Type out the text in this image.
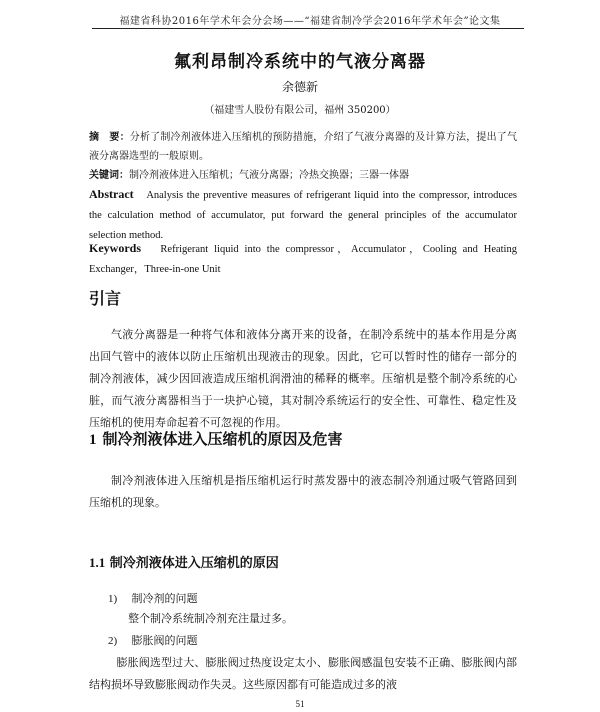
福建省科协2016年学术年会分会场——“福建省制冷学会2016年学术年会”论文集
氟利昂制冷系统中的气液分离器
余德新
（福建雪人股份有限公司，福州 350200）
摘　要：分析了制冷剂液体进入压缩机的预防措施，介绍了气液分离器的及计算方法，提出了气液分离器选型的一般原则。
关键词：制冷剂液体进入压缩机；气液分离器；冷热交换器；三器一体器
Abstract Analysis the preventive measures of refrigerant liquid into the compressor, introduces the calculation method of accumulator, put forward the general principles of the accumulator selection method.
Keywords Refrigerant liquid into the compressor，Accumulator，Cooling and Heating Exchanger，Three-in-one Unit
引言
气液分离器是一种将气体和液体分离开来的设备，在制冷系统中的基本作用是分离出回气管中的液体以防止压缩机出现液击的现象。因此，它可以暂时性的储存一部分的制冷剂液体，减少因回液造成压缩机润滑油的稀释的概率。压缩机是整个制冷系统的心脏，而气液分离器相当于一块护心镜，其对制冷系统运行的安全性、可靠性、稳定性及压缩机的使用寿命起着不可忽视的作用。
1 制冷剂液体进入压缩机的原因及危害
制冷剂液体进入压缩机是指压缩机运行时蒸发器中的液态制冷剂通过吸气管路回到压缩机的现象。
1.1 制冷剂液体进入压缩机的原因
1) 制冷剂的问题
整个制冷系统制冷剂充注量过多。
2) 膨胀阀的问题
膨胀阀选型过大、膨胀阀过热度设定太小、膨胀阀感温包安装不正确、膨胀阀内部结构损坏导致膨胀阀动作失灵。这些原因都有可能造成过多的液
51
